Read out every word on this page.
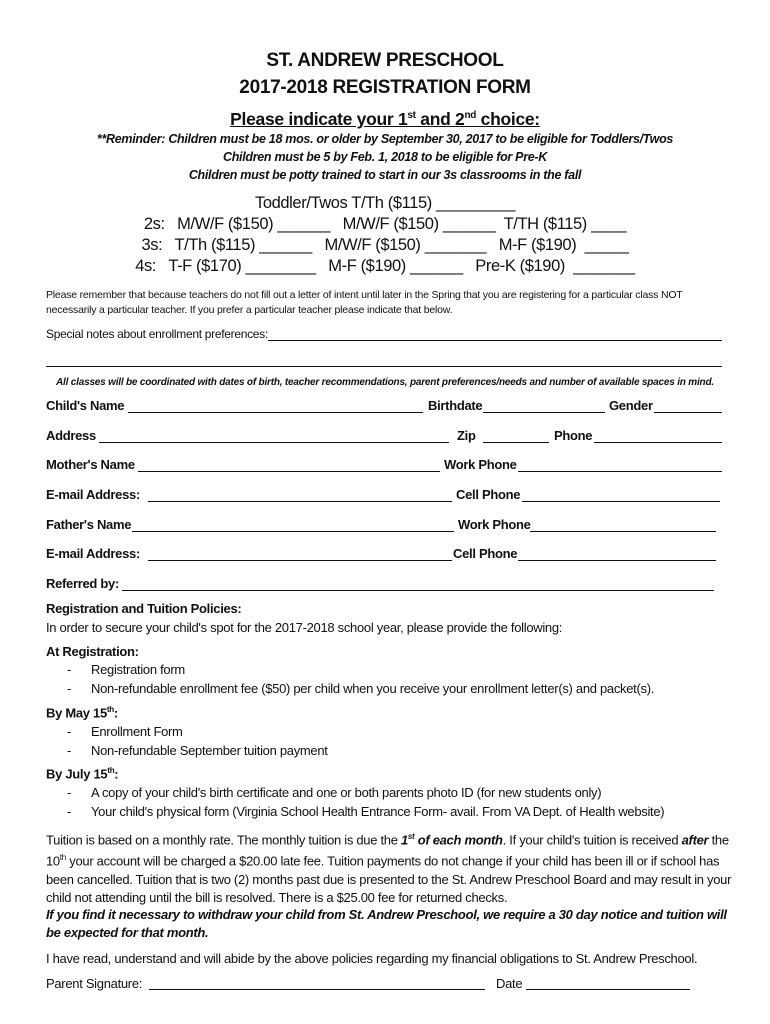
ST. ANDREW PRESCHOOL
2017-2018 REGISTRATION FORM
Please indicate your 1st and 2nd choice:
**Reminder: Children must be 18 mos. or older by September 30, 2017 to be eligible for Toddlers/Twos
Children must be 5 by Feb. 1, 2018 to be eligible for Pre-K
Children must be potty trained to start in our 3s classrooms in the fall
Toddler/Twos T/Th ($115) _________
2s:   M/W/F ($150) ______   M/W/F ($150) ______  T/TH ($115) ____
3s:   T/Th ($115) ______   M/W/F ($150) _______   M-F ($190)  _____
4s:   T-F ($170) ________   M-F ($190) ______   Pre-K ($190)  _______
Please remember that because teachers do not fill out a letter of intent until later in the Spring that you are registering for a particular class NOT
necessarily a particular teacher. If you prefer a particular teacher please indicate that below.
Special notes about enrollment preferences:
All classes will be coordinated with dates of birth, teacher recommendations, parent preferences/needs and number of available spaces in mind.
Child's Name	Birthdate	Gender
Address	Zip	Phone
Mother's Name	Work Phone
E-mail Address:	Cell Phone
Father's Name	Work Phone
E-mail Address:	Cell Phone
Referred by:
Registration and Tuition Policies:
In order to secure your child's spot for the 2017-2018 school year, please provide the following:
At Registration:
- Registration form
- Non-refundable enrollment fee ($50) per child when you receive your enrollment letter(s) and packet(s).
By May 15th:
- Enrollment Form
- Non-refundable September tuition payment
By July 15th:
- A copy of your child's birth certificate and one or both parents photo ID (for new students only)
- Your child's physical form (Virginia School Health Entrance Form- avail. From VA Dept. of Health website)
Tuition is based on a monthly rate. The monthly tuition is due the 1st of each month. If your child's tuition is received after the 10th your account will be charged a $20.00 late fee. Tuition payments do not change if your child has been ill or if school has been cancelled. Tuition that is two (2) months past due is presented to the St. Andrew Preschool Board and may result in your child not attending until the bill is resolved. There is a $25.00 fee for returned checks.
If you find it necessary to withdraw your child from St. Andrew Preschool, we require a 30 day notice and tuition will be expected for that month.
I have read, understand and will abide by the above policies regarding my financial obligations to St. Andrew Preschool.
Parent Signature:	Date
